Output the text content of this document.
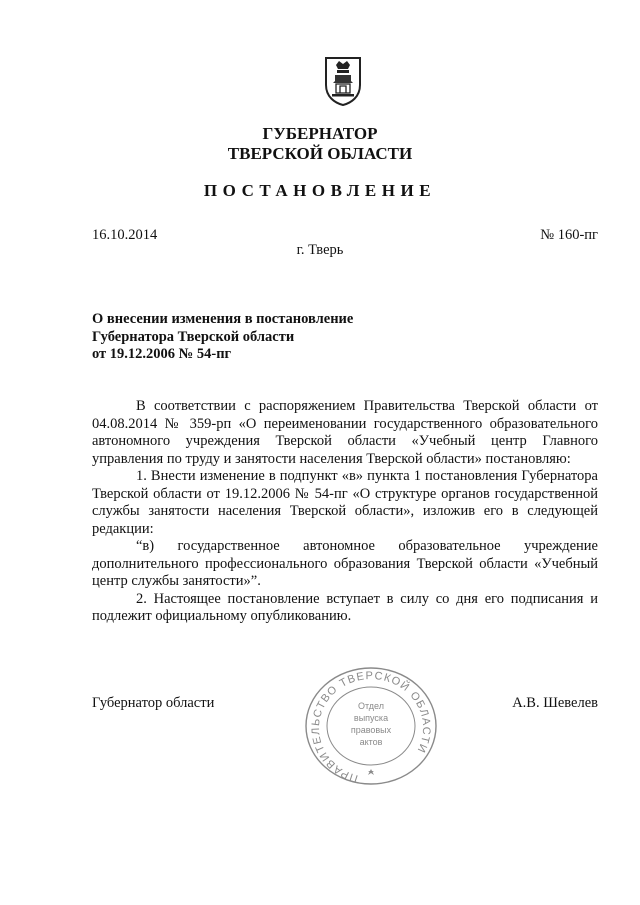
ГУБЕРНАТОР
ТВЕРСКОЙ ОБЛАСТИ
ПОСТАНОВЛЕНИЕ
16.10.2014	№ 160-пг
г. Тверь
О внесении изменения в постановление
Губернатора Тверской области
от 19.12.2006 № 54-пг

В соответствии с распоряжением Правительства Тверской области от 04.08.2014 № 359-рп «О переименовании государственного образовательного автономного учреждения Тверской области «Учебный центр Главного управления по труду и занятости населения Тверской области» постановляю:

1. Внести изменение в подпункт «в» пункта 1 постановления Губернатора Тверской области от 19.12.2006 № 54-пг «О структуре органов государственной службы занятости населения Тверской области», изложив его в следующей редакции:

“в) государственное автономное образовательное учреждение дополнительного профессионального образования Тверской области «Учебный центр службы занятости»”.

2. Настоящее постановление вступает в силу со дня его подписания и подлежит официальному опубликованию.

Губернатор области	А.В. Шевелев
ПРАВИТЕЛЬСТВО ТВЕРСКОЙ ОБЛАСТИ
Отдел
выпуска
правовых
актов
